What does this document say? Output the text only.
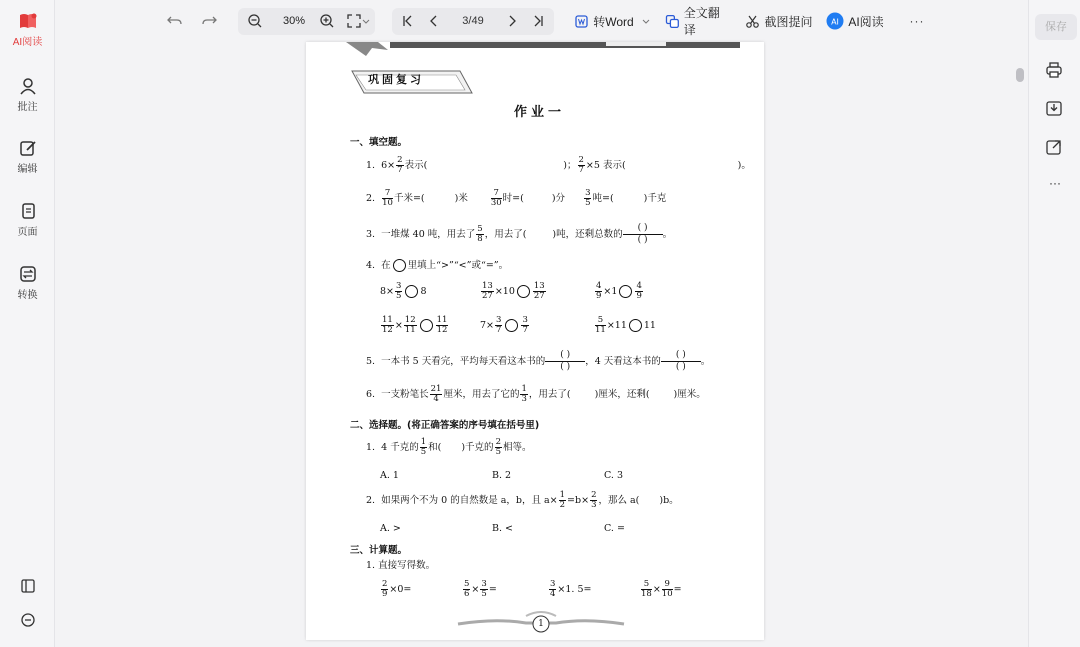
AI阅读
批注
编辑
页面
转换
30%	3/49	转Word
全文翻译
截图提问 AI AI阅读 ···	保存
···
巩固复习
作业一
一、填空题。
1. $6\times \frac{2}{7}$ 表示(	)； $\frac{2}{7} \times 5$ 表示(	)。
2. $\frac{7}{10}$ 千米=(	)米	$\frac{7}{30}$ 时=(	)分 $\frac{3}{5}$ 吨=(	)千克
3. 一堆煤 40 吨，用去了 $\frac{5}{8}$ ，用去了(	)吨，还剩总数的
( )
( )	。
4. 在 里填上“>”“<”或“=”。
$8\times \frac{3}{5} 8$	$\frac{13}{27} \times 10 \frac{13}{27}$	$\frac{4}{9} \times 1 \frac{4}{9}$
$\frac{11}{12} \times \frac{12}{11} \frac{11}{12}$	$7\times \frac{3}{7} \frac{3}{7}$	$\frac{5}{11} \times 11$ 11
5. 一本书 5 天看完，平均每天看这本书的
( )
( )	，4 天看这本书的
( )
( )	。
6. 一支粉笔长 $\frac{21}{4}$ 厘米，用去了它的 $\frac{1}{3}$ ，用去了(	)厘米，还剩(	)厘米。
二、选择题。(将正确答案的序号填在括号里)
1. 4 千克的 $\frac{1}{5}$ 和( )千克的 $\frac{2}{5}$ 相等。
A. 1	B. 2	C. 3
2. 如果两个不为 0 的自然数是 a，b，且 $a\times \frac{1}{2} =b\times \frac{2}{3}$ ，那么 a( )b。
A. >	B. <	C. =
三、计算题。
1. 直接写得数。
$\frac{2}{9} \times 0=$	$\frac{5}{6} \times \frac{3}{5}$ =	$\frac{3}{4} \times 1$. 5=	$\frac{5}{18} \times \frac{9}{10}$ =
1
